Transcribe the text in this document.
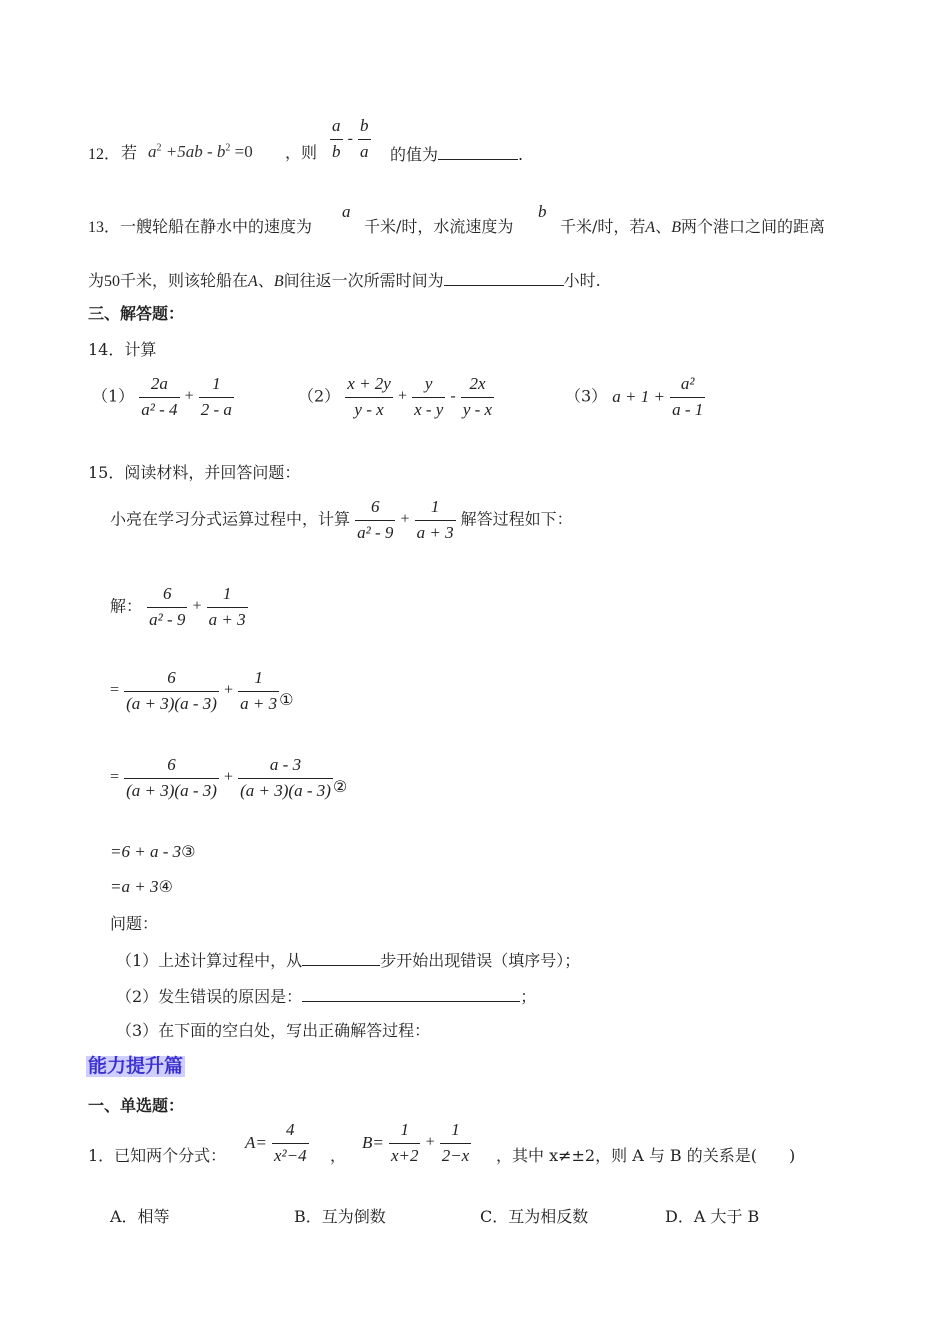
12． 若 $a^2 +5ab - b^2 =0$ ，则 $\frac{a}{b} - \frac{b}{a}$ 的值为	.
13．一艘轮船在静水中的速度为
a
千米/时，水流速度为
b
千米/时，若A、B两个港口之间的距离
为50千米，则该轮船在A、B间往返一次所需时间为	小时.
三、解答题：
14．计算
$(1) \frac{2a}{\text{a² - 4}} + \frac{1}{2 - a}$	$(2) \frac{x + 2y}{y - x} + \frac{y}{x - y} - \frac{2x}{y - x}$	（3） $a + 1 + \frac{\text{a²}}{a - 1}$
15．阅读材料，并回答问题：
小亮在学习分式运算过程中，计算 $\frac{6}{\text{a² - 9}} + \frac{1}{a + 3}$ 解答过程如下：
解： $\frac{6}{\text{a² - 9}} + \frac{1}{a + 3}$
= $\frac{6}{(a + 3)(a - 3)} + \frac{1}{a + 3}$ ①
= $\frac{6}{(a + 3)(a - 3)} + \frac{a - 3}{(a + 3)(a - 3)}$ ②
=6 + a - 3③
=a + 3④
问题：
（1）上述计算过程中，从	步开始出现错误（填序号）；
（2）发生错误的原因是：	；
（3）在下面的空白处，写出正确解答过程：
能力提升篇
一、单选题：
1．已知两个分式：
$A= \frac{4}{\text{x²−4}}$ ，
$B= \frac{1}{x+2} + \frac{1}{2-x}$ ，其中 x≠±2，则 A 与 B 的关系是(　　)
A．相等	B．互为倒数	C．互为相反数	D．A 大于 B
